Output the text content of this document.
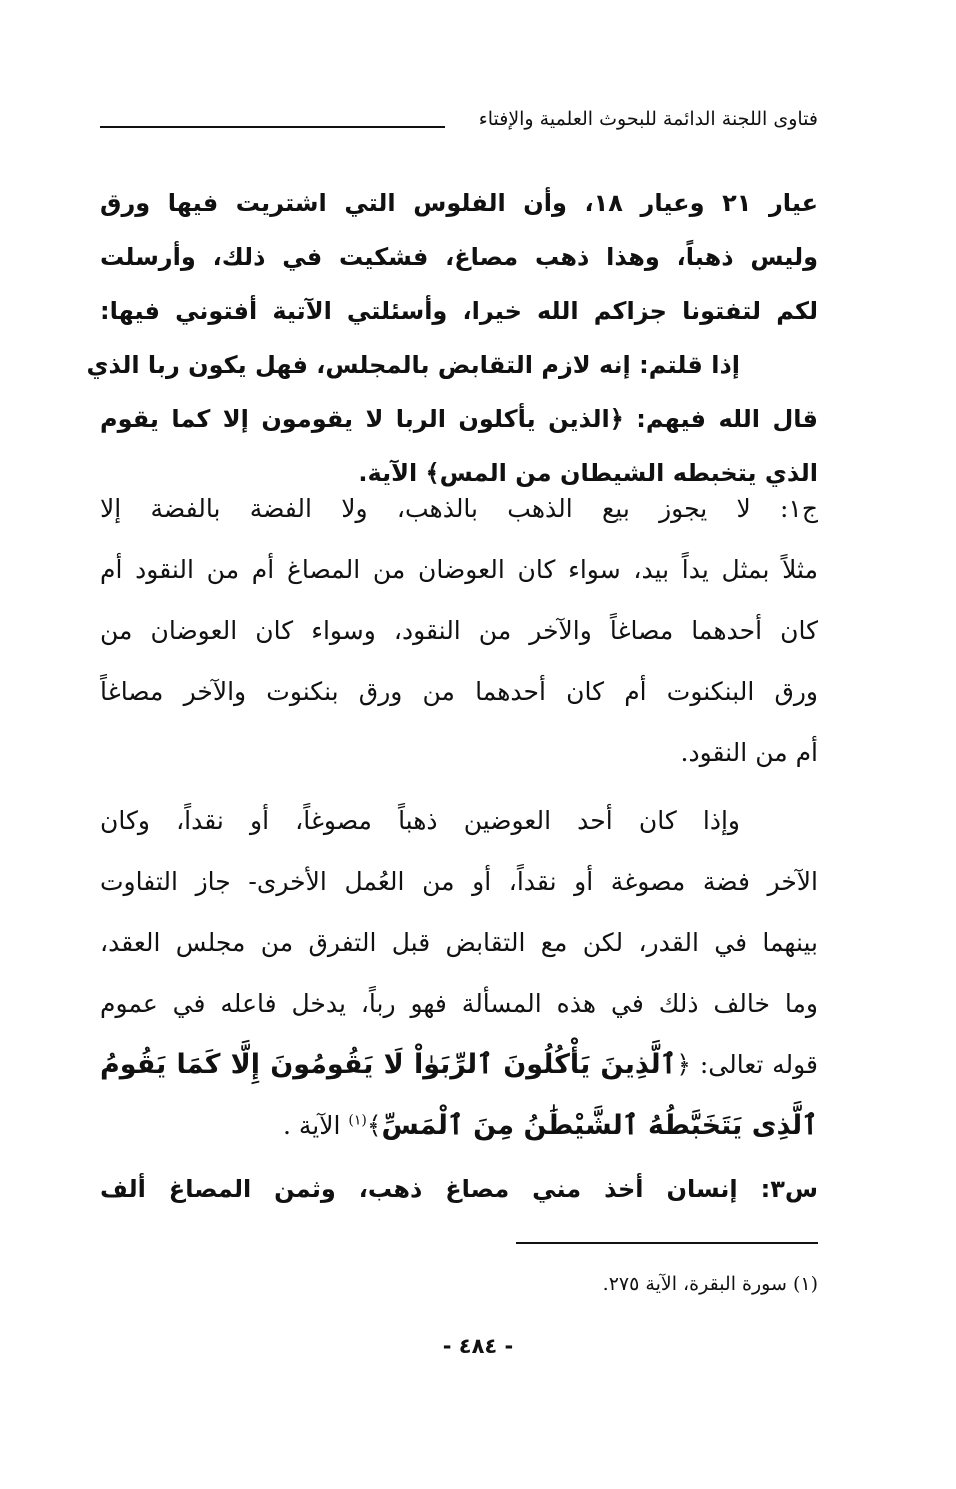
فتاوى اللجنة الدائمة للبحوث العلمية والإفتاء
عيار ٢١ وعيار ١٨، وأن الفلوس التي اشتريت فيها ورق
وليس ذهباً، وهذا ذهب مصاغ، فشكيت في ذلك، وأرسلت
لكم لتفتونا جزاكم الله خيرا، وأسئلتي الآتية أفتوني فيها:
إذا قلتم: إنه لازم التقابض بالمجلس، فهل يكون ربا الذي
قال الله فيهم: ﴿الذين يأكلون الربا لا يقومون إلا كما يقوم
الذي يتخبطه الشيطان من المس﴾ الآية.
ج١: لا يجوز بيع الذهب بالذهب، ولا الفضة بالفضة إلا
مثلاً بمثل يداً بيد، سواء كان العوضان من المصاغ أم من النقود أم
كان أحدهما مصاغاً والآخر من النقود، وسواء كان العوضان من
ورق البنكنوت أم كان أحدهما من ورق بنكنوت والآخر مصاغاً
أم من النقود.
وإذا كان أحد العوضين ذهباً مصوغاً، أو نقداً، وكان
الآخر فضة مصوغة أو نقداً، أو من العُمل الأخرى- جاز التفاوت
بينهما في القدر، لكن مع التقابض قبل التفرق من مجلس العقد،
وما خالف ذلك في هذه المسألة فهو رباً، يدخل فاعله في عموم
قوله تعالى: ﴿ٱلَّذِينَ يَأْكُلُونَ ٱلرِّبَوٰاْ لَا يَقُومُونَ إِلَّا كَمَا يَقُومُ
ٱلَّذِى يَتَخَبَّطُهُ ٱلشَّيْطَٰنُ مِنَ ٱلْمَسِّ﴾$^{(١)}$ الآية .
س٣: إنسان أخذ مني مصاغ ذهب، وثمن المصاغ ألف
(١) سورة البقرة، الآية ٢٧٥.
- ٤٨٤ -
